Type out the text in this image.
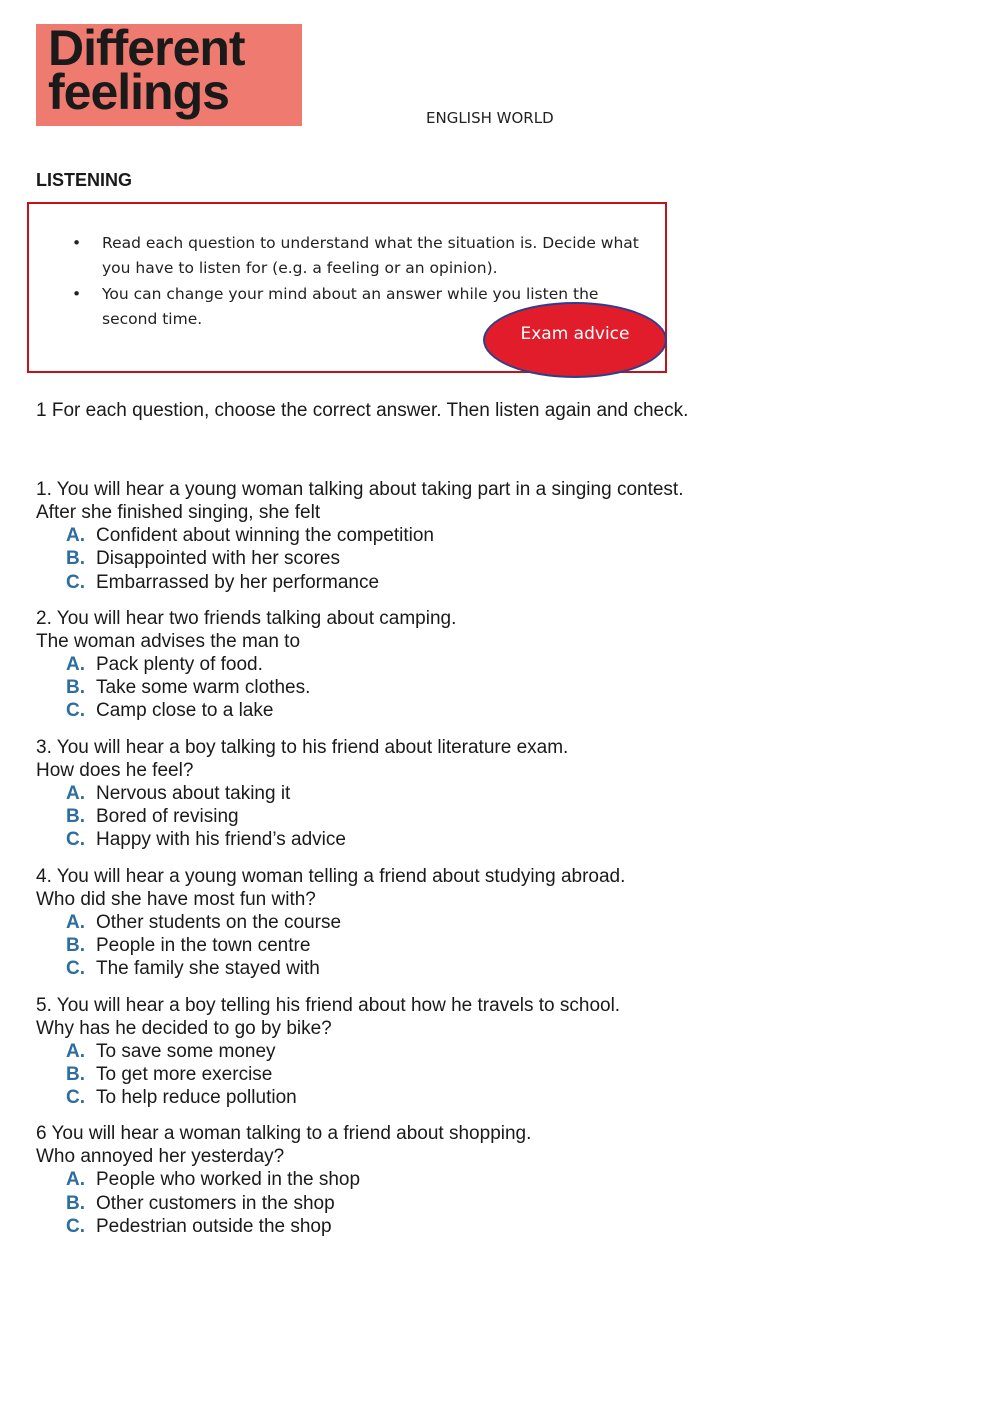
Different
feelings	ENGLISH WORLD
LISTENING
• Read each question to understand what the situation is. Decide what you have to listen for (e.g. a feeling or an opinion).
• You can change your mind about an answer while you listen the second time.
Exam advice
1 For each question, choose the correct answer. Then listen again and check.
1. You will hear a young woman talking about taking part in a singing contest.
After she finished singing, she felt
A. Confident about winning the competition
B. Disappointed with her scores
C. Embarrassed by her performance
2. You will hear two friends talking about camping.
The woman advises the man to
A. Pack plenty of food.
B. Take some warm clothes.
C. Camp close to a lake
3. You will hear a boy talking to his friend about literature exam.
How does he feel?
A. Nervous about taking it
B. Bored of revising
C. Happy with his friend’s advice
4. You will hear a young woman telling a friend about studying abroad.
Who did she have most fun with?
A. Other students on the course
B. People in the town centre
C. The family she stayed with
5. You will hear a boy telling his friend about how he travels to school.
Why has he decided to go by bike?
A. To save some money
B. To get more exercise
C. To help reduce pollution
6 You will hear a woman talking to a friend about shopping.
Who annoyed her yesterday?
A. People who worked in the shop
B. Other customers in the shop
C. Pedestrian outside the shop
